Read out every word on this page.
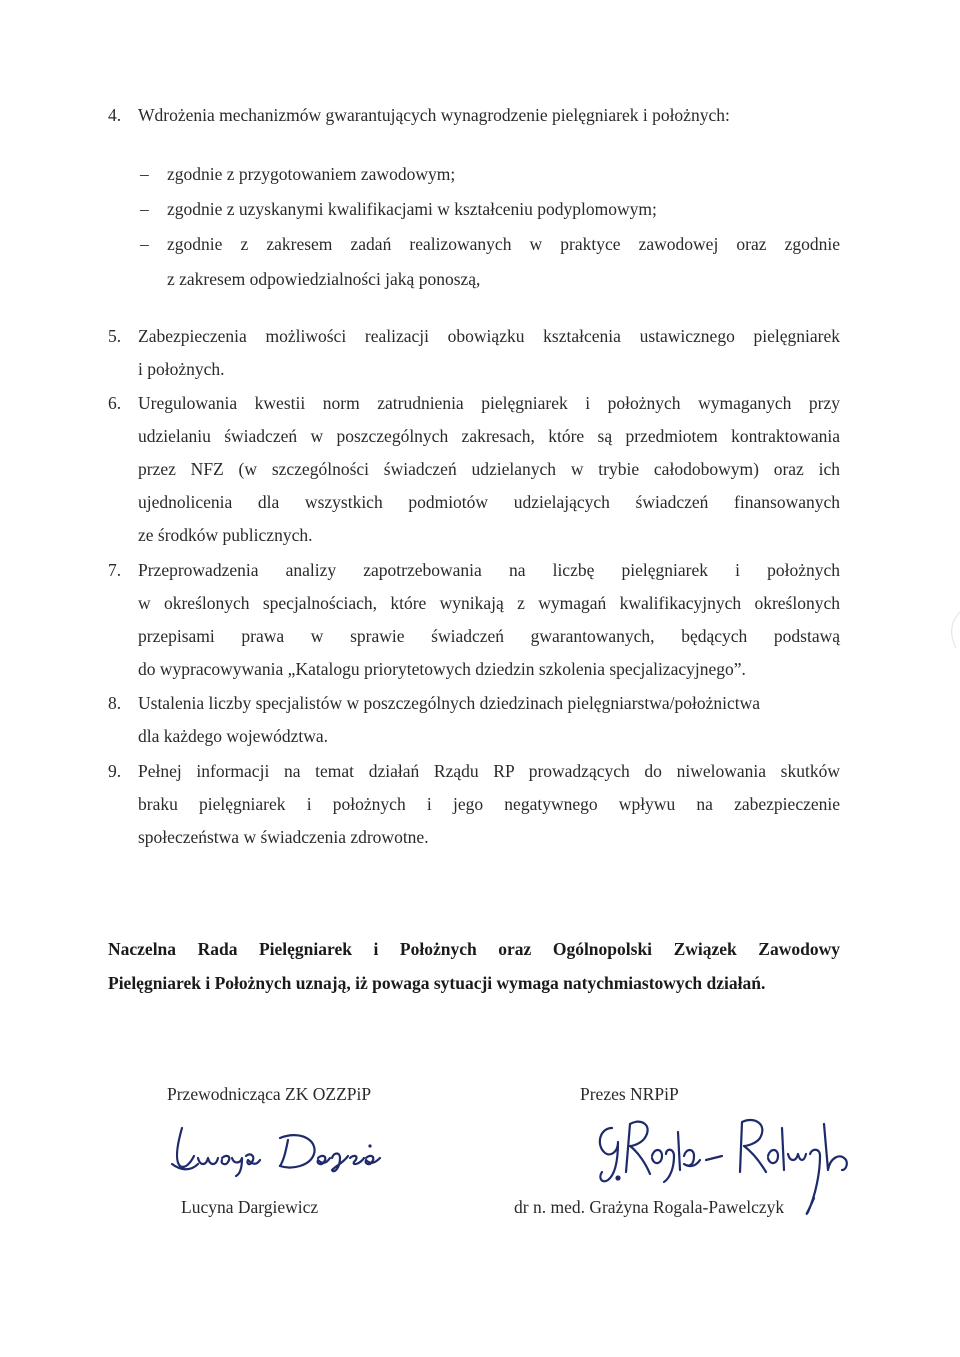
4. Wdrożenia mechanizmów gwarantujących wynagrodzenie pielęgniarek i położnych:
– zgodnie z przygotowaniem zawodowym;
– zgodnie z uzyskanymi kwalifikacjami w kształceniu podyplomowym;
– zgodnie z zakresem zadań realizowanych w praktyce zawodowej oraz zgodnie
z zakresem odpowiedzialności jaką ponoszą,
5. Zabezpieczenia możliwości realizacji obowiązku kształcenia ustawicznego pielęgniarek
i położnych.
6. Uregulowania kwestii norm zatrudnienia pielęgniarek i położnych wymaganych przy
udzielaniu świadczeń w poszczególnych zakresach, które są przedmiotem kontraktowania
przez NFZ (w szczególności świadczeń udzielanych w trybie całodobowym) oraz ich
ujednolicenia dla wszystkich podmiotów udzielających świadczeń finansowanych
ze środków publicznych.
7. Przeprowadzenia analizy zapotrzebowania na liczbę pielęgniarek i położnych
w określonych specjalnościach, które wynikają z wymagań kwalifikacyjnych określonych
przepisami prawa w sprawie świadczeń gwarantowanych, będących podstawą
do wypracowywania „Katalogu priorytetowych dziedzin szkolenia specjalizacyjnego”.
8. Ustalenia liczby specjalistów w poszczególnych dziedzinach pielęgniarstwa/położnictwa
dla każdego województwa.
9. Pełnej informacji na temat działań Rządu RP prowadzących do niwelowania skutków
braku pielęgniarek i położnych i jego negatywnego wpływu na zabezpieczenie
społeczeństwa w świadczenia zdrowotne.
Naczelna Rada Pielęgniarek i Położnych oraz Ogólnopolski Związek Zawodowy
Pielęgniarek i Położnych uznają, iż powaga sytuacji wymaga natychmiastowych działań.
Przewodnicząca ZK OZZPiP	Prezes NRPiP
Lucyna Dargiewicz
G. Rogala-Pawelczyk
Lucyna Dargiewicz	dr n. med. Grażyna Rogala-Pawelczyk
